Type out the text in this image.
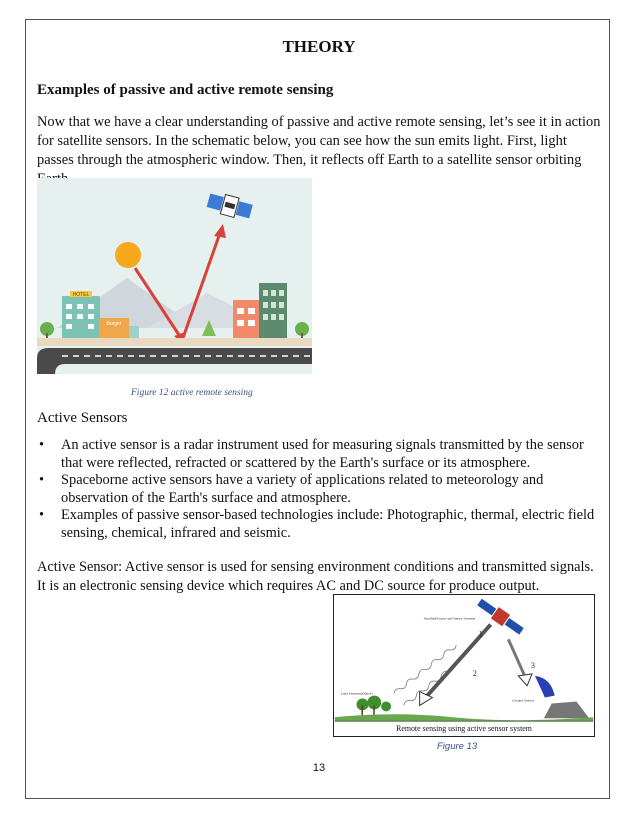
THEORY
Examples of passive and active remote sensing
Now that we have a clear understanding of passive and active remote sensing, let’s see it in action for satellite sensors. In the schematic below, you can see how the sun emits light. First, light passes through the atmospheric window. Then, it reflects off Earth to a satellite sensor orbiting
HOTEL
Burger
Figure 12 active remote sensing
Active Sensors
• An active sensor is a radar instrument used for measuring signals transmitted by the sensor that were reflected, refracted or scattered by the Earth's surface or its atmosphere.
• Spaceborne active sensors have a variety of applications related to meteorology and observation of the Earth's surface and atmosphere.
• Examples of passive sensor-based technologies include: Photographic, thermal, electric field sensing, chemical, infrared and seismic.
Active Sensor: Active sensor is used for sensing environment conditions and transmitted signals. It is an electronic sensing device which requires AC and DC source for produce output.
Satellite(Source and Sensor System)
1
2
3
Ground Station
Land Features(Object)
Remote sensing using active sensor system
Figure 13
13
